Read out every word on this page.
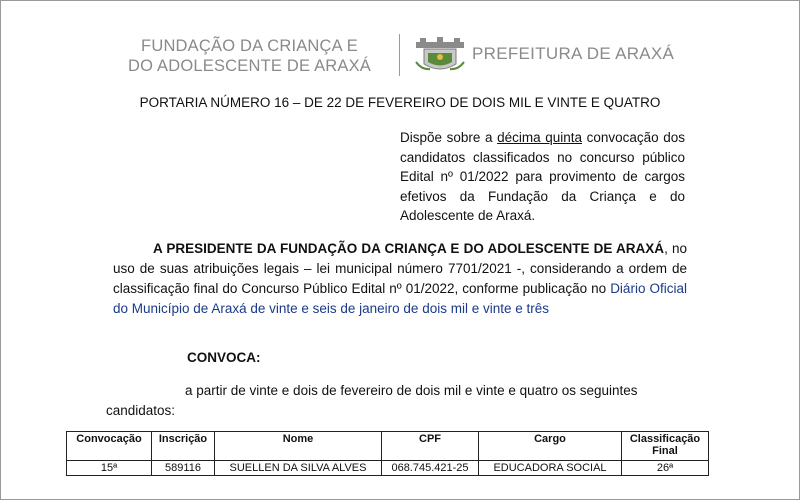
FUNDAÇÃO DA CRIANÇA E
DO ADOLESCENTE DE ARAXÁ
PREFEITURA DE ARAXÁ
PORTARIA NÚMERO 16 – DE 22 DE FEVEREIRO DE DOIS MIL E VINTE E QUATRO
Dispõe sobre a décima quinta convocação dos candidatos classificados no concurso público Edital nº 01/2022 para provimento de cargos efetivos da Fundação da Criança e do Adolescente de Araxá.
A PRESIDENTE DA FUNDAÇÃO DA CRIANÇA E DO ADOLESCENTE DE ARAXÁ, no uso de suas atribuições legais – lei municipal número 7701/2021 -, considerando a ordem de classificação final do Concurso Público Edital nº 01/2022, conforme publicação no Diário Oficial do Município de Araxá de vinte e seis de janeiro de dois mil e vinte e três
CONVOCA:
a partir de vinte e dois de fevereiro de dois mil e vinte e quatro os seguintes candidatos:
Convocação	Inscrição	Nome	CPF	Cargo	Classificação Final
15ª	589116	SUELLEN DA SILVA ALVES	068.745.421-25	EDUCADORA SOCIAL	26ª
